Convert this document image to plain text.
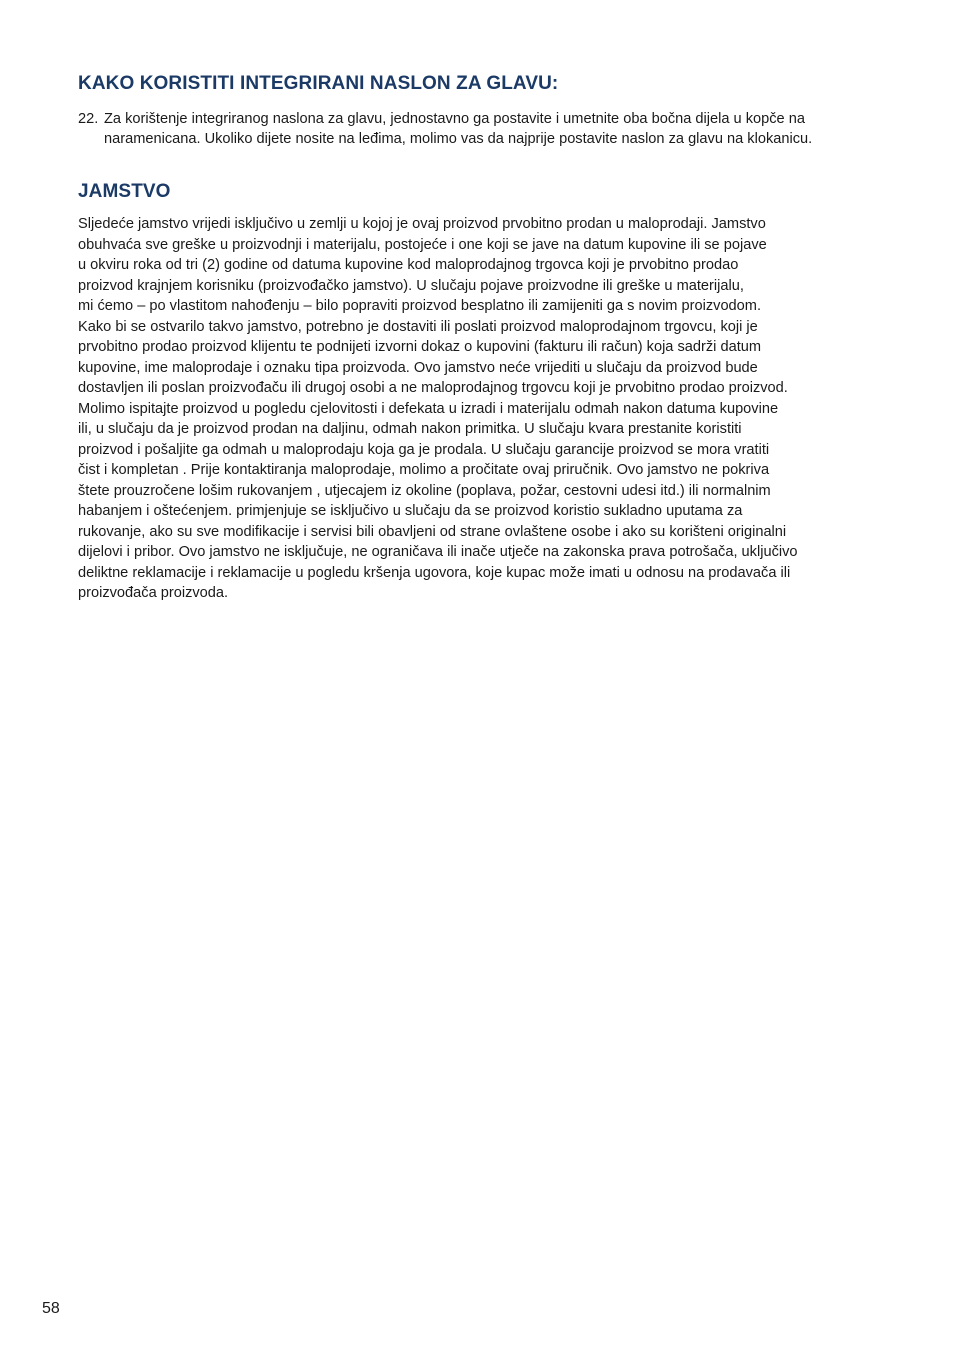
KAKO KORISTITI INTEGRIRANI NASLON ZA GLAVU:
22. Za korištenje integriranog naslona za glavu, jednostavno ga postavite i umetnite oba bočna dijela u kopče na naramenicana. Ukoliko dijete nosite na leđima, molimo vas da najprije postavite naslon za glavu na klokanicu.
JAMSTVO
Sljedeće jamstvo vrijedi isključivo u zemlji u kojoj je ovaj proizvod prvobitno prodan u maloprodaji. Jamstvo
obuhvaća sve greške u proizvodnji i materijalu, postojeće i one koji se jave na datum kupovine ili se pojave
u okviru roka od tri (2) godine od datuma kupovine kod maloprodajnog trgovca koji je prvobitno prodao
proizvod krajnjem korisniku (proizvođačko jamstvo). U slučaju pojave proizvodne ili greške u materijalu,
mi ćemo – po vlastitom nahođenju – bilo popraviti proizvod besplatno ili zamijeniti ga s novim proizvodom.
Kako bi se ostvarilo takvo jamstvo, potrebno je dostaviti ili poslati proizvod maloprodajnom trgovcu, koji je
prvobitno prodao proizvod klijentu te podnijeti izvorni dokaz o kupovini (fakturu ili račun) koja sadrži datum
kupovine, ime maloprodaje i oznaku tipa proizvoda. Ovo jamstvo neće vrijediti u slučaju da proizvod bude
dostavljen ili poslan proizvođaču ili drugoj osobi a ne maloprodajnog trgovcu koji je prvobitno prodao proizvod.
Molimo ispitajte proizvod u pogledu cjelovitosti i defekata u izradi i materijalu odmah nakon datuma kupovine
ili, u slučaju da je proizvod prodan na daljinu, odmah nakon primitka. U slučaju kvara prestanite koristiti
proizvod i pošaljite ga odmah u maloprodaju koja ga je prodala. U slučaju garancije proizvod se mora vratiti
čist i kompletan . Prije kontaktiranja maloprodaje, molimo a pročitate ovaj priručnik. Ovo jamstvo ne pokriva
štete prouzročene lošim rukovanjem , utjecajem iz okoline (poplava, požar, cestovni udesi itd.) ili normalnim
habanjem i oštećenjem. primjenjuje se isključivo u slučaju da se proizvod koristio sukladno uputama za
rukovanje, ako su sve modifikacije i servisi bili obavljeni od strane ovlaštene osobe i ako su korišteni originalni
dijelovi i pribor. Ovo jamstvo ne isključuje, ne ograničava ili inače utječe na zakonska prava potrošača, uključivo
deliktne reklamacije i reklamacije u pogledu kršenja ugovora, koje kupac može imati u odnosu na prodavača ili
proizvođača proizvoda.
58
